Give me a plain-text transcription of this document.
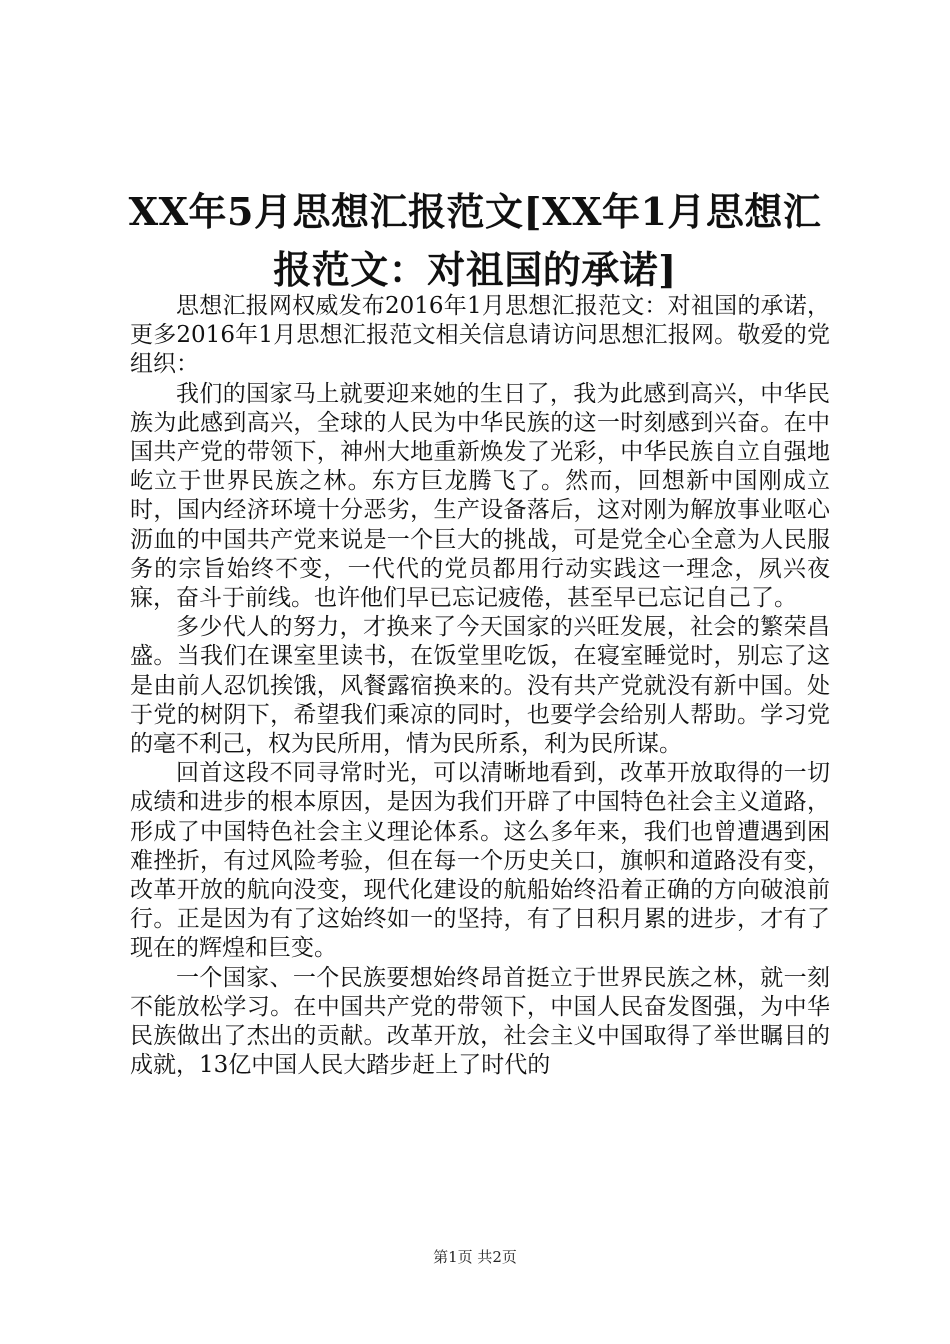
XX年5月思想汇报范文[XX年1月思想汇报范文：对祖国的承诺]

思想汇报网权威发布2016年1月思想汇报范文：对祖国的承诺，更多2016年1月思想汇报范文相关信息请访问思想汇报网。敬爱的党组织：

我们的国家马上就要迎来她的生日了，我为此感到高兴，中华民族为此感到高兴，全球的人民为中华民族的这一时刻感到兴奋。在中国共产党的带领下，神州大地重新焕发了光彩，中华民族自立自强地屹立于世界民族之林。东方巨龙腾飞了。然而，回想新中国刚成立时，国内经济环境十分恶劣，生产设备落后，这对刚为解放事业呕心沥血的中国共产党来说是一个巨大的挑战，可是党全心全意为人民服务的宗旨始终不变，一代代的党员都用行动实践这一理念，夙兴夜寐，奋斗于前线。也许他们早已忘记疲倦，甚至早已忘记自己了。

多少代人的努力，才换来了今天国家的兴旺发展，社会的繁荣昌盛。当我们在课室里读书，在饭堂里吃饭，在寝室睡觉时，别忘了这是由前人忍饥挨饿，风餐露宿换来的。没有共产党就没有新中国。处于党的树阴下，希望我们乘凉的同时，也要学会给别人帮助。学习党的毫不利己，权为民所用，情为民所系，利为民所谋。

回首这段不同寻常时光，可以清晰地看到，改革开放取得的一切成绩和进步的根本原因，是因为我们开辟了中国特色社会主义道路，形成了中国特色社会主义理论体系。这么多年来，我们也曾遭遇到困难挫折，有过风险考验，但在每一个历史关口，旗帜和道路没有变，改革开放的航向没变，现代化建设的航船始终沿着正确的方向破浪前行。正是因为有了这始终如一的坚持，有了日积月累的进步，才有了现在的辉煌和巨变。

一个国家、一个民族要想始终昂首挺立于世界民族之林，就一刻不能放松学习。在中国共产党的带领下，中国人民奋发图强，为中华民族做出了杰出的贡献。改革开放，社会主义中国取得了举世瞩目的成就，13亿中国人民大踏步赶上了时代的

第1页 共2页
